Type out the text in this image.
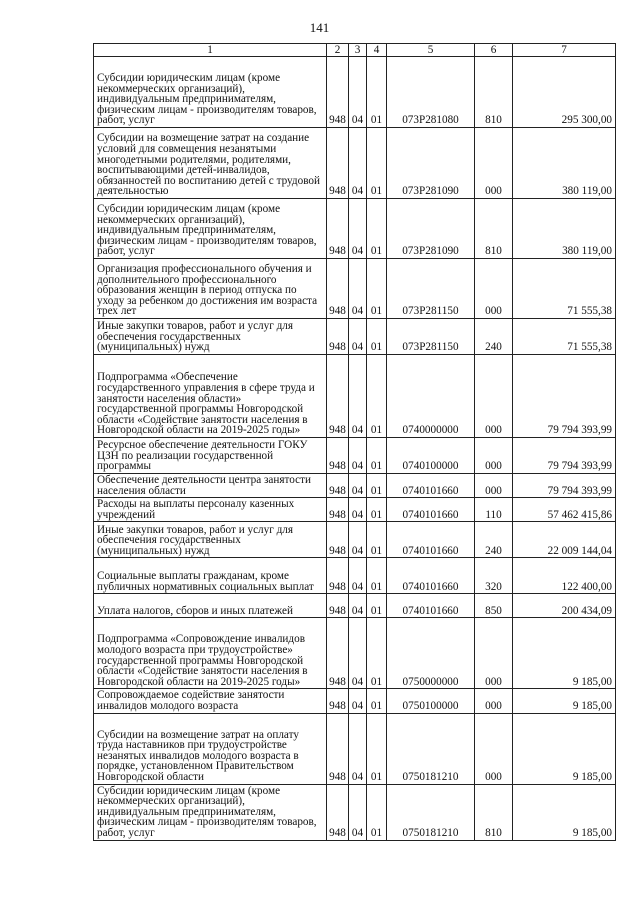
141
1	2	3	4	5	6	7
Субсидии юридическим лицам (кроме некоммерческих организаций), индивидуальным предпринимателям, физическим лицам - производителям товаров, работ, услуг	948	04	01	073P281080	810	295 300,00
Субсидии на возмещение затрат на создание условий для совмещения незанятыми многодетными родителями, родителями, воспитывающими детей-инвалидов, обязанностей по воспитанию детей с трудовой деятельностью	948	04	01	073P281090	000	380 119,00
Субсидии юридическим лицам (кроме некоммерческих организаций), индивидуальным предпринимателям, физическим лицам - производителям товаров, работ, услуг	948	04	01	073P281090	810	380 119,00
Организация профессионального обучения и дополнительного профессионального образования женщин в период отпуска по уходу за ребенком до достижения им возраста трех лет	948	04	01	073P281150	000	71 555,38
Иные закупки товаров, работ и услуг для обеспечения государственных (муниципальных) нужд	948	04	01	073P281150	240	71 555,38
Подпрограмма «Обеспечение государственного управления в сфере труда и занятости населения области» государственной программы Новгородской области «Содействие занятости населения в Новгородской области на 2019-2025 годы»	948	04	01	0740000000	000	79 794 393,99
Ресурсное обеспечение деятельности ГОКУ ЦЗН по реализации государственной программы	948	04	01	0740100000	000	79 794 393,99
Обеспечение деятельности центра занятости населения области	948	04	01	0740101660	000	79 794 393,99
Расходы на выплаты персоналу казенных учреждений	948	04	01	0740101660	110	57 462 415,86
Иные закупки товаров, работ и услуг для обеспечения государственных (муниципальных) нужд	948	04	01	0740101660	240	22 009 144,04
Социальные выплаты гражданам, кроме публичных нормативных социальных выплат	948	04	01	0740101660	320	122 400,00
Уплата налогов, сборов и иных платежей	948	04	01	0740101660	850	200 434,09
Подпрограмма «Сопровождение инвалидов молодого возраста при трудоустройстве» государственной программы Новгородской области «Содействие занятости населения в Новгородской области на 2019-2025 годы»	948	04	01	0750000000	000	9 185,00
Сопровождаемое содействие занятости инвалидов молодого возраста	948	04	01	0750100000	000	9 185,00
Субсидии на возмещение затрат на оплату труда наставников при трудоустройстве незанятых инвалидов молодого возраста в порядке, установленном Правительством Новгородской области	948	04	01	0750181210	000	9 185,00
Субсидии юридическим лицам (кроме некоммерческих организаций), индивидуальным предпринимателям, физическим лицам - производителям товаров, работ, услуг	948	04	01	0750181210	810	9 185,00
